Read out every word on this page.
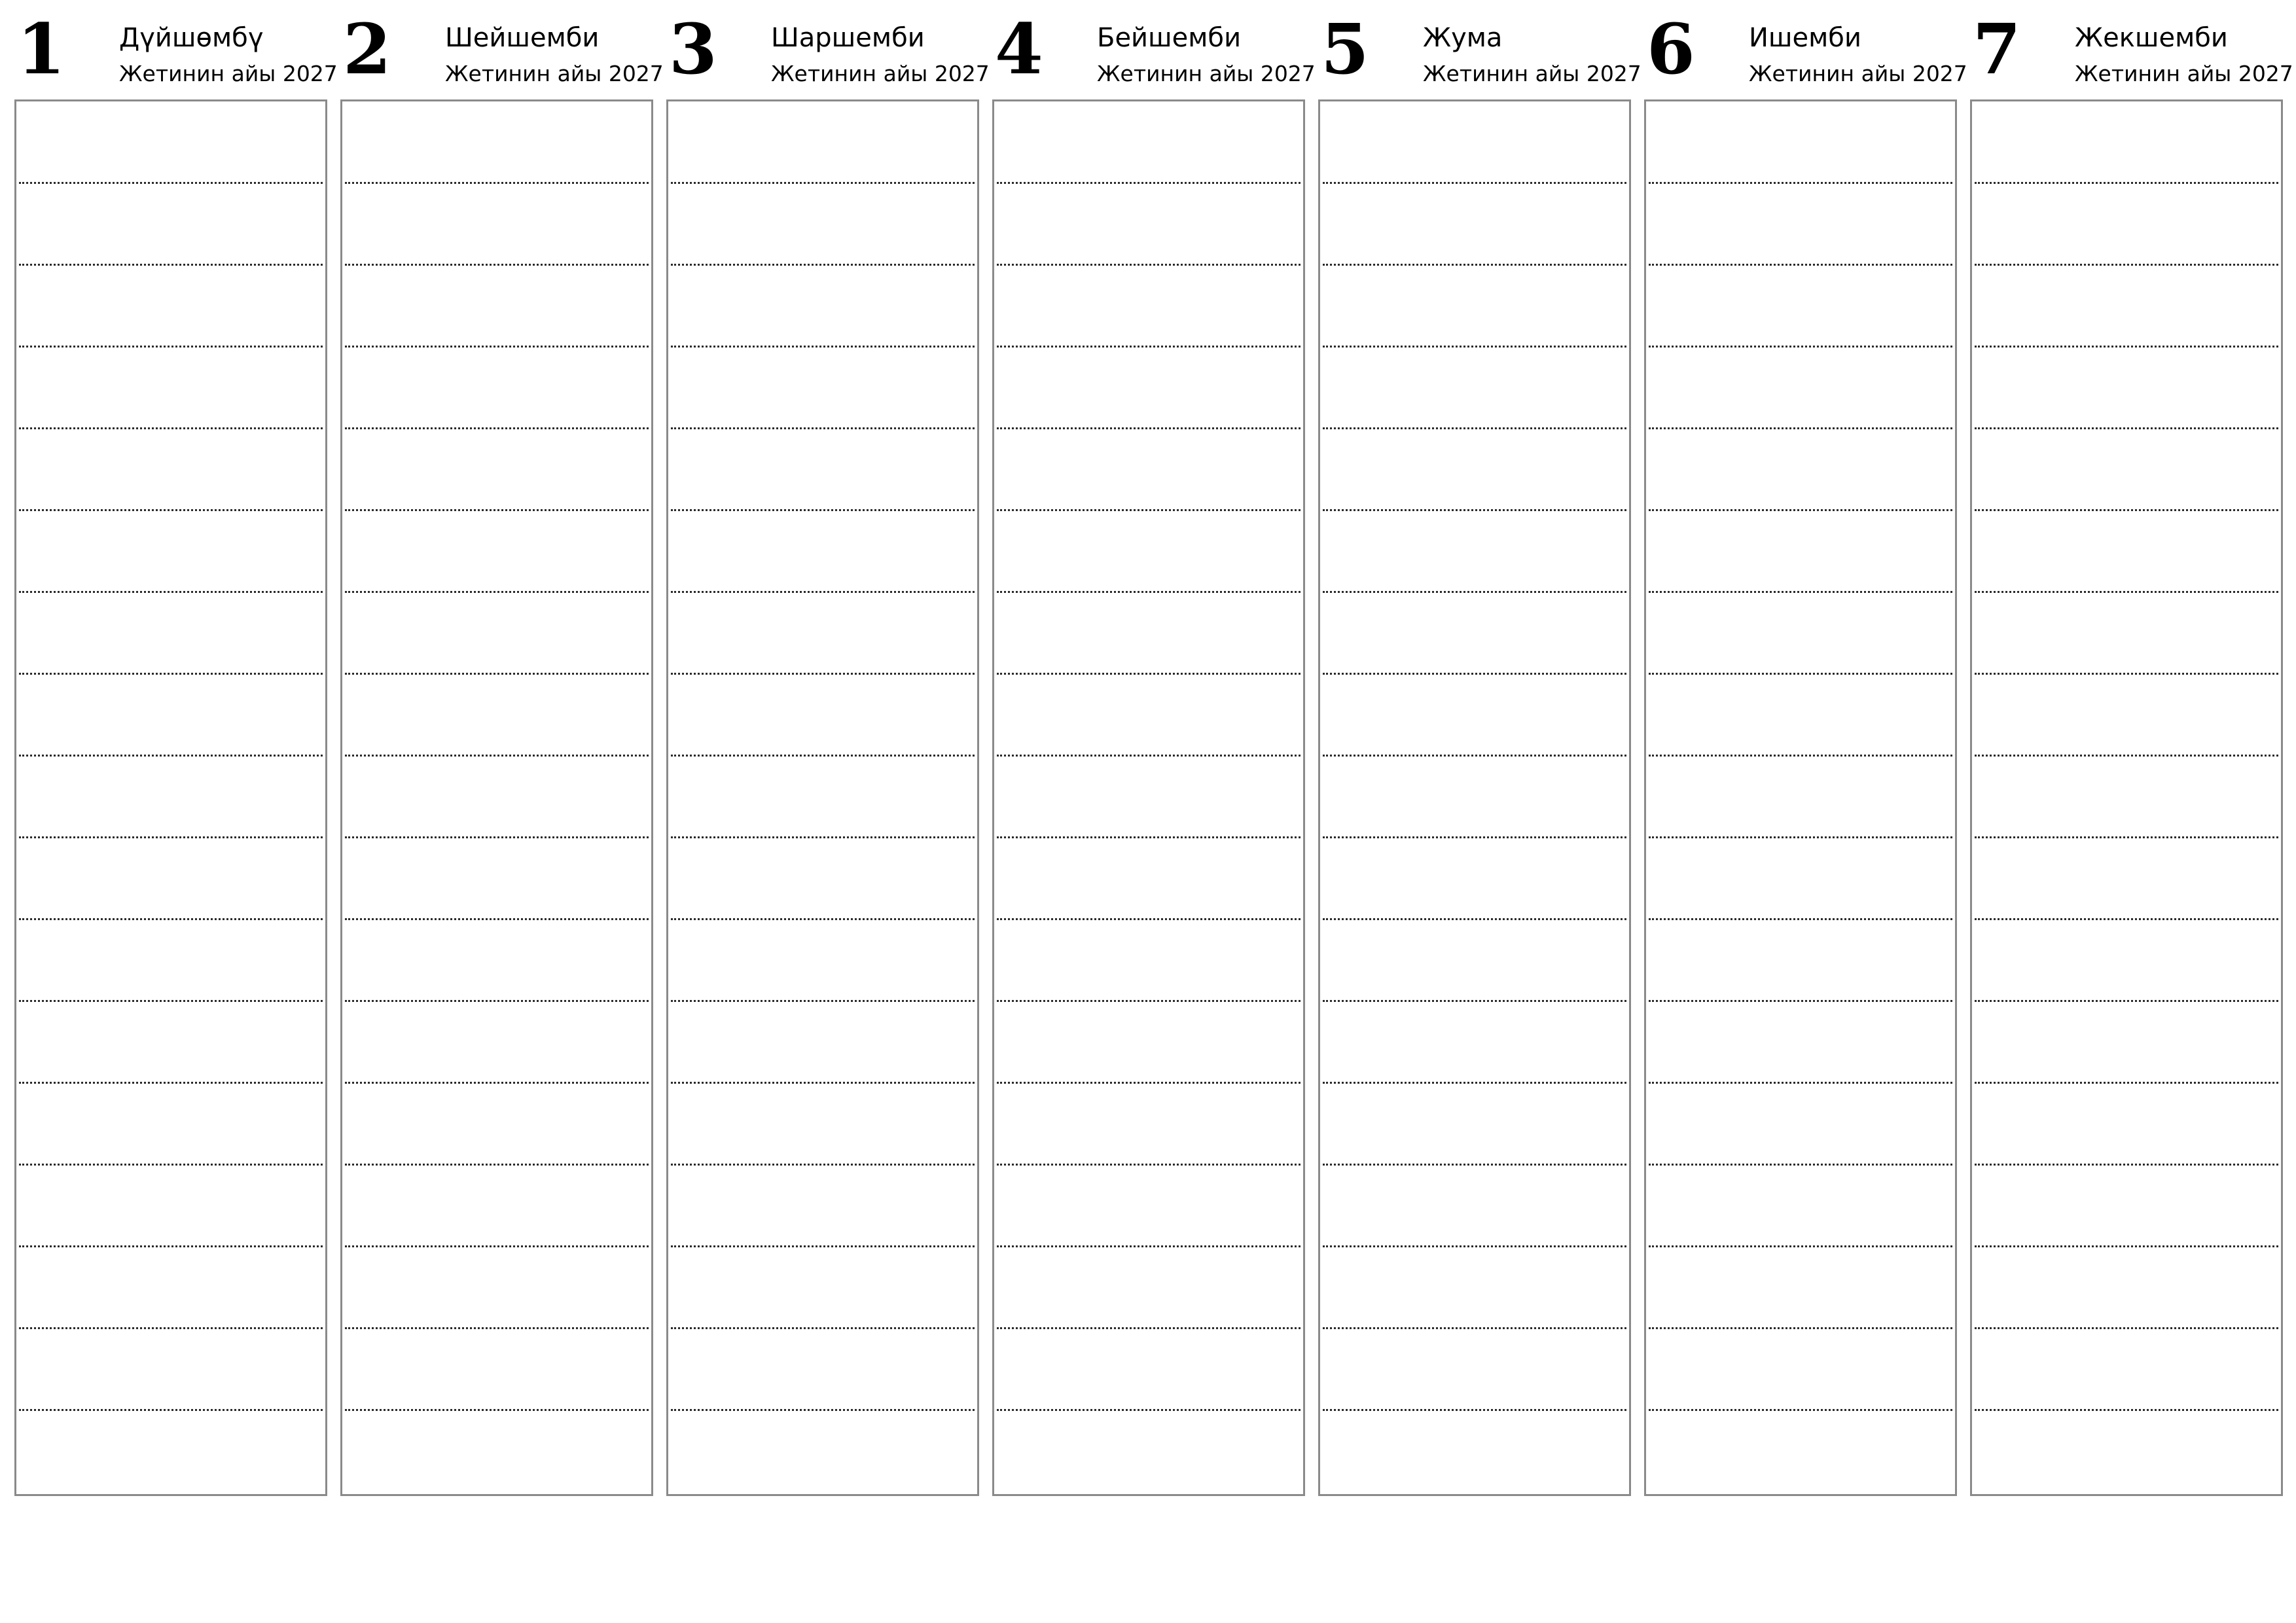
1 Дүйшөмбү
Жетинин айы 2027 2 Шейшемби
Жетинин айы 2027 3 Шаршемби
Жетинин айы 2027 4 Бейшемби
Жетинин айы 2027 5 Жума
Жетинин айы 2027 6 Ишемби
Жетинин айы 2027 7 Жекшемби
Жетинин айы 2027
